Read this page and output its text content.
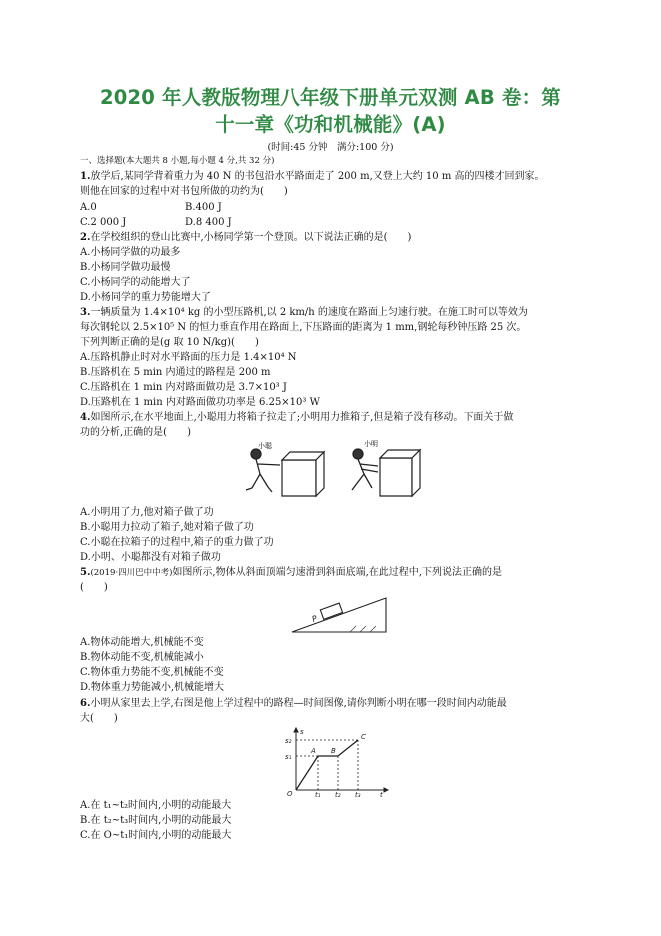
2020 年人教版物理八年级下册单元双测 AB 卷：第
十一章《功和机械能》(A)
(时间:45 分钟　满分:100 分)
一、选择题(本大题共 8 小题,每小题 4 分,共 32 分)
1.放学后,某同学背着重力为 40 N 的书包沿水平路面走了 200 m,又登上大约 10 m 高的四楼才回到家。
则他在回家的过程中对书包所做的功约为(　　)
A.0	B.400 J
C.2 000 J	D.8 400 J
2.在学校组织的登山比赛中,小杨同学第一个登顶。以下说法正确的是(　　)
A.小杨同学做的功最多
B.小杨同学做功最慢
C.小杨同学的动能增大了
D.小杨同学的重力势能增大了
3.一辆质量为 1.4×10⁴ kg 的小型压路机,以 2 km/h 的速度在路面上匀速行驶。在施工时可以等效为
每次钢轮以 2.5×10⁵ N 的恒力垂直作用在路面上,下压路面的距离为 1 mm,钢轮每秒钟压路 25 次。
下列判断正确的是(g 取 10 N/kg)(　　)
A.压路机静止时对水平路面的压力是 1.4×10⁴ N
B.压路机在 5 min 内通过的路程是 200 m
C.压路机在 1 min 内对路面做功是 3.7×10³ J
D.压路机在 1 min 内对路面做功功率是 6.25×10³ W
4.如图所示,在水平地面上,小聪用力将箱子拉走了;小明用力推箱子,但是箱子没有移动。下面关于做
功的分析,正确的是(　　)
小聪	小明
A.小明用了力,他对箱子做了功
B.小聪用力拉动了箱子,她对箱子做了功
C.小聪在拉箱子的过程中,箱子的重力做了功
D.小明、小聪都没有对箱子做功
5.(2019·四川巴中中考)如图所示,物体从斜面顶端匀速滑到斜面底端,在此过程中,下列说法正确的是
(　　)
P
A.物体动能增大,机械能不变
B.物体动能不变,机械能减小
C.物体重力势能不变,机械能不变
D.物体重力势能减小,机械能增大
6.小明从家里去上学,右图是他上学过程中的路程—时间图像,请你判断小明在哪一段时间内动能最
大(　　)
s
t
O
s₂
s₁
t₁ t₂ t₃
A B
C
A.在 t₁~t₂时间内,小明的动能最大
B.在 t₂~t₃时间内,小明的动能最大
C.在 O~t₁时间内,小明的动能最大
